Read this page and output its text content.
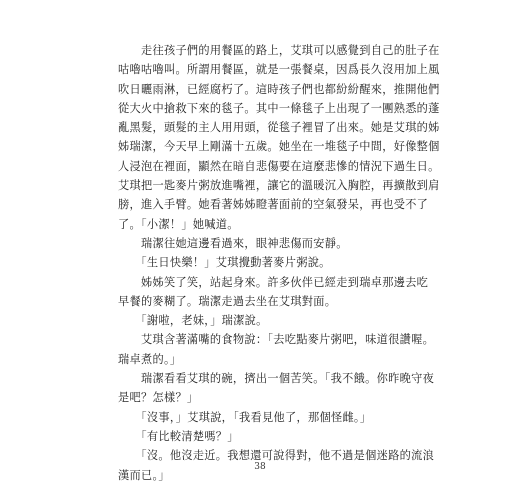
　　走往孩子們的用餐區的路上，艾琪可以感覺到自己的肚子在
咕嚕咕嚕叫。所謂用餐區，就是一張餐桌，因爲長久沒用加上風
吹日曬雨淋，已經腐朽了。這時孩子們也都紛紛醒來，推開他們
從大火中搶救下來的毯子。其中一條毯子上出現了一團熟悉的蓬
亂黑髮，頭髮的主人用用頭，從毯子裡冒了出來。她是艾琪的姊
姊瑞潔，今天早上剛滿十五歲。她坐在一堆毯子中間，好像整個
人浸泡在裡面，顯然在暗自悲傷要在這麼悲慘的情況下過生日。
艾琪把一匙麥片粥放進嘴裡，讓它的溫暖沉入胸腔，再擴散到肩
膀，進入手臂。她看著姊姊瞪著面前的空氣發呆，再也受不了
了。「小潔！」她喊道。
　　瑞潔往她這邊看過來，眼神悲傷而安靜。
　　「生日快樂！」艾琪攪動著麥片粥說。
　　姊姊笑了笑，站起身來。許多伙伴已經走到瑞卓那邊去吃
早餐的麥糊了。瑞潔走過去坐在艾琪對面。
　　「謝啦，老妹，」瑞潔說。
　　艾琪含著滿嘴的食物說：「去吃點麥片粥吧，味道很讚喔。
瑞卓煮的。」
　　瑞潔看看艾琪的碗，擠出一個苦笑。「我不餓。你昨晚守夜
是吧？怎樣？」
　　「沒事，」艾琪說，「我看見他了，那個怪雌。」
　　「有比較清楚嗎？」
　　「沒。他沒走近。我想還可說得對，他不過是個迷路的流浪
漢而已。」
38
